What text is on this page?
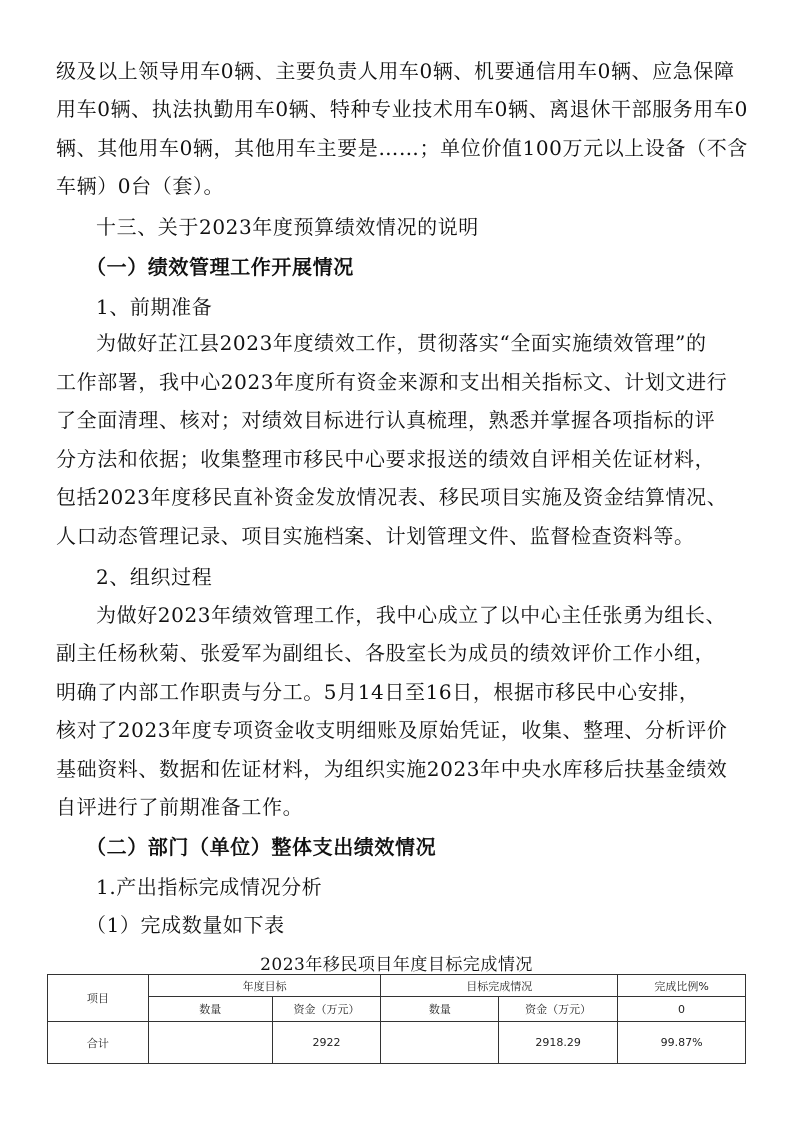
级及以上领导用车0辆、主要负责人用车0辆、机要通信用车0辆、应急保障
用车0辆、执法执勤用车0辆、特种专业技术用车0辆、离退休干部服务用车0
辆、其他用车0辆，其他用车主要是……；单位价值100万元以上设备（不含
车辆）0台（套）。
十三、关于2023年度预算绩效情况的说明
（一）绩效管理工作开展情况
1、前期准备
为做好芷江县2023年度绩效工作，贯彻落实“全面实施绩效管理”的
工作部署，我中心2023年度所有资金来源和支出相关指标文、计划文进行
了全面清理、核对；对绩效目标进行认真梳理，熟悉并掌握各项指标的评
分方法和依据；收集整理市移民中心要求报送的绩效自评相关佐证材料，
包括2023年度移民直补资金发放情况表、移民项目实施及资金结算情况、
人口动态管理记录、项目实施档案、计划管理文件、监督检查资料等。
2、组织过程
为做好2023年绩效管理工作，我中心成立了以中心主任张勇为组长、
副主任杨秋菊、张爱军为副组长、各股室长为成员的绩效评价工作小组，
明确了内部工作职责与分工。5月14日至16日，根据市移民中心安排，
核对了2023年度专项资金收支明细账及原始凭证，收集、整理、分析评价
基础资料、数据和佐证材料，为组织实施2023年中央水库移后扶基金绩效
自评进行了前期准备工作。
（二）部门（单位）整体支出绩效情况
1.产出指标完成情况分析
（1）完成数量如下表
2023年移民项目年度目标完成情况
项目	年度目标		目标完成情况		完成比例%
	数量	资金（万元）	数量	资金（万元）	0
合计		2922		2918.29	99.87%
